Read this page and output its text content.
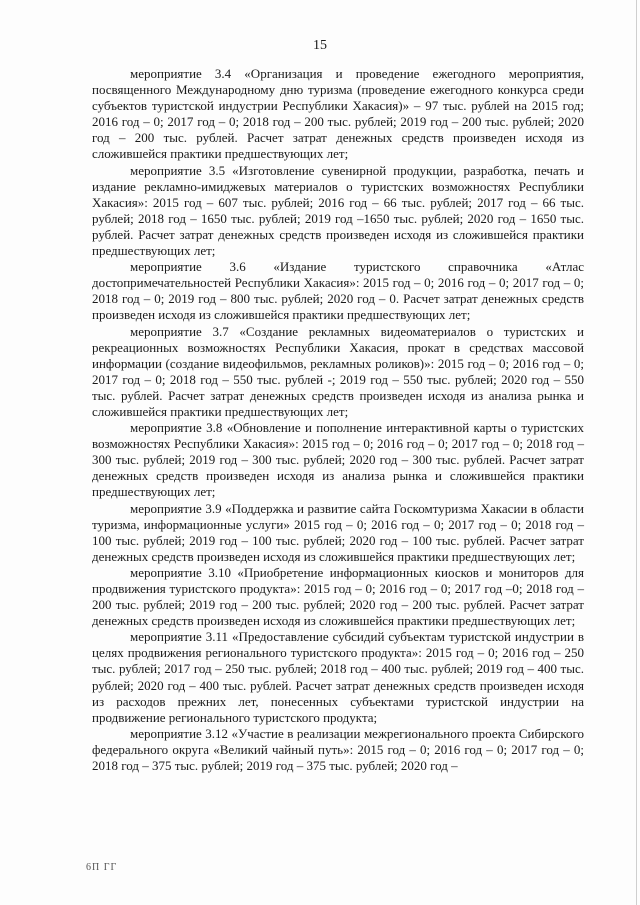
15

мероприятие 3.4 «Организация и проведение ежегодного мероприятия, посвященного Международному дню туризма (проведение ежегодного конкурса среди субъектов туристской индустрии Республики Хакасия)» – 97 тыс. рублей на 2015 год; 2016 год – 0; 2017 год – 0; 2018 год – 200 тыс. рублей; 2019 год – 200 тыс. рублей; 2020 год – 200 тыс. рублей. Расчет затрат денежных средств произведен исходя из сложившейся практики предшествующих лет;

мероприятие 3.5 «Изготовление сувенирной продукции, разработка, печать и издание рекламно-имиджевых материалов о туристских возможностях Республики Хакасия»: 2015 год – 607 тыс. рублей; 2016 год – 66 тыс. рублей; 2017 год – 66 тыс. рублей; 2018 год – 1650 тыс. рублей; 2019 год –1650 тыс. рублей; 2020 год – 1650 тыс. рублей. Расчет затрат денежных средств произведен исходя из сложившейся практики предшествующих лет;

мероприятие 3.6 «Издание туристского справочника «Атлас достопримечательностей Республики Хакасия»: 2015 год – 0; 2016 год – 0; 2017 год – 0; 2018 год – 0; 2019 год – 800 тыс. рублей; 2020 год – 0. Расчет затрат денежных средств произведен исходя из сложившейся практики предшествующих лет;

мероприятие 3.7 «Создание рекламных видеоматериалов о туристских и рекреационных возможностях Республики Хакасия, прокат в средствах массовой информации (создание видеофильмов, рекламных роликов)»: 2015 год – 0; 2016 год – 0; 2017 год – 0; 2018 год – 550 тыс. рублей -; 2019 год – 550 тыс. рублей; 2020 год – 550 тыс. рублей. Расчет затрат денежных средств произведен исходя из анализа рынка и сложившейся практики предшествующих лет;

мероприятие 3.8 «Обновление и пополнение интерактивной карты о туристских возможностях Республики Хакасия»: 2015 год – 0; 2016 год – 0; 2017 год – 0; 2018 год – 300 тыс. рублей; 2019 год – 300 тыс. рублей; 2020 год – 300 тыс. рублей. Расчет затрат денежных средств произведен исходя из анализа рынка и сложившейся практики предшествующих лет;

мероприятие 3.9 «Поддержка и развитие сайта Госкомтуризма Хакасии в области туризма, информационные услуги» 2015 год – 0; 2016 год – 0; 2017 год – 0; 2018 год – 100 тыс. рублей; 2019 год – 100 тыс. рублей; 2020 год – 100 тыс. рублей. Расчет затрат денежных средств произведен исходя из сложившейся практики предшествующих лет;

мероприятие 3.10 «Приобретение информационных киосков и мониторов для продвижения туристского продукта»: 2015 год – 0; 2016 год – 0; 2017 год –0; 2018 год – 200 тыс. рублей; 2019 год – 200 тыс. рублей; 2020 год – 200 тыс. рублей. Расчет затрат денежных средств произведен исходя из сложившейся практики предшествующих лет;

мероприятие 3.11 «Предоставление субсидий субъектам туристской индустрии в целях продвижения регионального туристского продукта»: 2015 год – 0; 2016 год – 250 тыс. рублей; 2017 год – 250 тыс. рублей; 2018 год – 400 тыс. рублей; 2019 год – 400 тыс. рублей; 2020 год – 400 тыс. рублей. Расчет затрат денежных средств произведен исходя из расходов прежних лет, понесенных субъектами туристской индустрии на продвижение регионального туристского продукта;

мероприятие 3.12 «Участие в реализации межрегионального проекта Сибирского федерального округа «Великий чайный путь»: 2015 год – 0; 2016 год – 0; 2017 год – 0; 2018 год – 375 тыс. рублей; 2019 год – 375 тыс. рублей; 2020 год –

6П ГГ
